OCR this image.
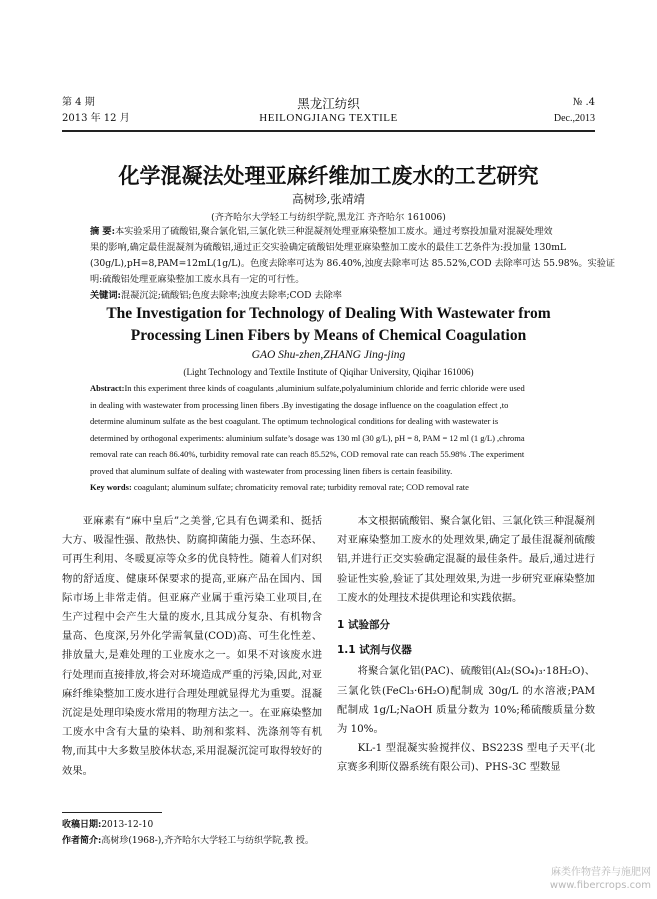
第 4 期
2013 年 12 月
黑龙江纺织
HEILONGJIANG TEXTILE
№ .4
Dec.,2013
化学混凝法处理亚麻纤维加工废水的工艺研究
高树珍,张靖靖
(齐齐哈尔大学轻工与纺织学院,黑龙江 齐齐哈尔 161006)
摘 要:本实验采用了硫酸铝,聚合氯化铝,三氯化铁三种混凝剂处理亚麻染整加工废水。通过考察投加量对混凝处理效
果的影响,确定最佳混凝剂为硫酸铝,通过正交实验确定硫酸铝处理亚麻染整加工废水的最佳工艺条件为:投加量 130mL
(30g/L),pH=8,PAM=12mL(1g/L)。色度去除率可达为 86.40%,浊度去除率可达 85.52%,COD 去除率可达 55.98%。实验证
明:硫酸铝处理亚麻染整加工废水具有一定的可行性。
关键词:混凝沉淀;硫酸铝;色度去除率;浊度去除率;COD 去除率
The Investigation for Technology of Dealing With Wastewater from
Processing Linen Fibers by Means of Chemical Coagulation
GAO Shu-zhen,ZHANG Jing-jing
(Light Technology and Textile Institute of Qiqihar University, Qiqihar 161006)
Abstract:In this experiment three kinds of coagulants ,aluminium sulfate,polyaluminium chloride and ferric chloride were used
in dealing with wastewater from processing linen fibers .By investigating the dosage influence on the coagulation effect ,to
determine aluminum sulfate as the best coagulant. The optimum technological conditions for dealing with wastewater is
determined by orthogonal experiments: aluminium sulfate’s dosage was 130 ml (30 g/L), pH = 8, PAM = 12 ml (1 g/L) ,chroma
removal rate can reach 86.40%, turbidity removal rate can reach 85.52%, COD removal rate can reach 55.98% .The experiment
proved that aluminum sulfate of dealing with wastewater from processing linen fibers is certain feasibility.
Key words: coagulant; aluminum sulfate; chromaticity removal rate; turbidity removal rate; COD removal rate

亚麻素有“麻中皇后”之美誉,它具有色调柔和、挺括大方、吸湿性强、散热快、防腐抑菌能力强、生态环保、可再生利用、冬暖夏凉等众多的优良特性。随着人们对织物的舒适度、健康环保要求的提高,亚麻产品在国内、国际市场上非常走俏。但亚麻产业属于重污染工业项目,在生产过程中会产生大量的废水,且其成分复杂、有机物含量高、色度深,另外化学需氧量(COD)高、可生化性差、排放量大,是难处理的工业废水之一。如果不对该废水进行处理而直接排放,将会对环境造成严重的污染,因此,对亚麻纤维染整加工废水进行合理处理就显得尤为重要。混凝沉淀是处理印染废水常用的物理方法之一。在亚麻染整加工废水中含有大量的染料、助剂和浆料、洗涤剂等有机物,而其中大多数呈胶体状态,采用混凝沉淀可取得较好的效果。

本文根据硫酸铝、聚合氯化铝、三氯化铁三种混凝剂对亚麻染整加工废水的处理效果,确定了最佳混凝剂硫酸铝,并进行正交实验确定混凝的最佳条件。最后,通过进行验证性实验,验证了其处理效果,为进一步研究亚麻染整加工废水的处理技术提供理论和实践依据。

1 试验部分
1.1 试剂与仪器

将聚合氯化铝(PAC)、硫酸铝(Al₂(SO₄)₃·18H₂O)、三氯化铁(FeCl₃·6H₂O)配制成 30g/L 的水溶液;PAM 配制成 1g/L;NaOH 质量分数为 10%;稀硫酸质量分数为 10%。

KL-1 型混凝实验搅拌仪、BS223S 型电子天平(北京赛多利斯仪器系统有限公司)、PHS-3C 型数显

收稿日期:2013-12-10
作者简介:高树珍(1968-),齐齐哈尔大学轻工与纺织学院,教 授。
麻类作物营养与施肥网
www.fibercrops.com
